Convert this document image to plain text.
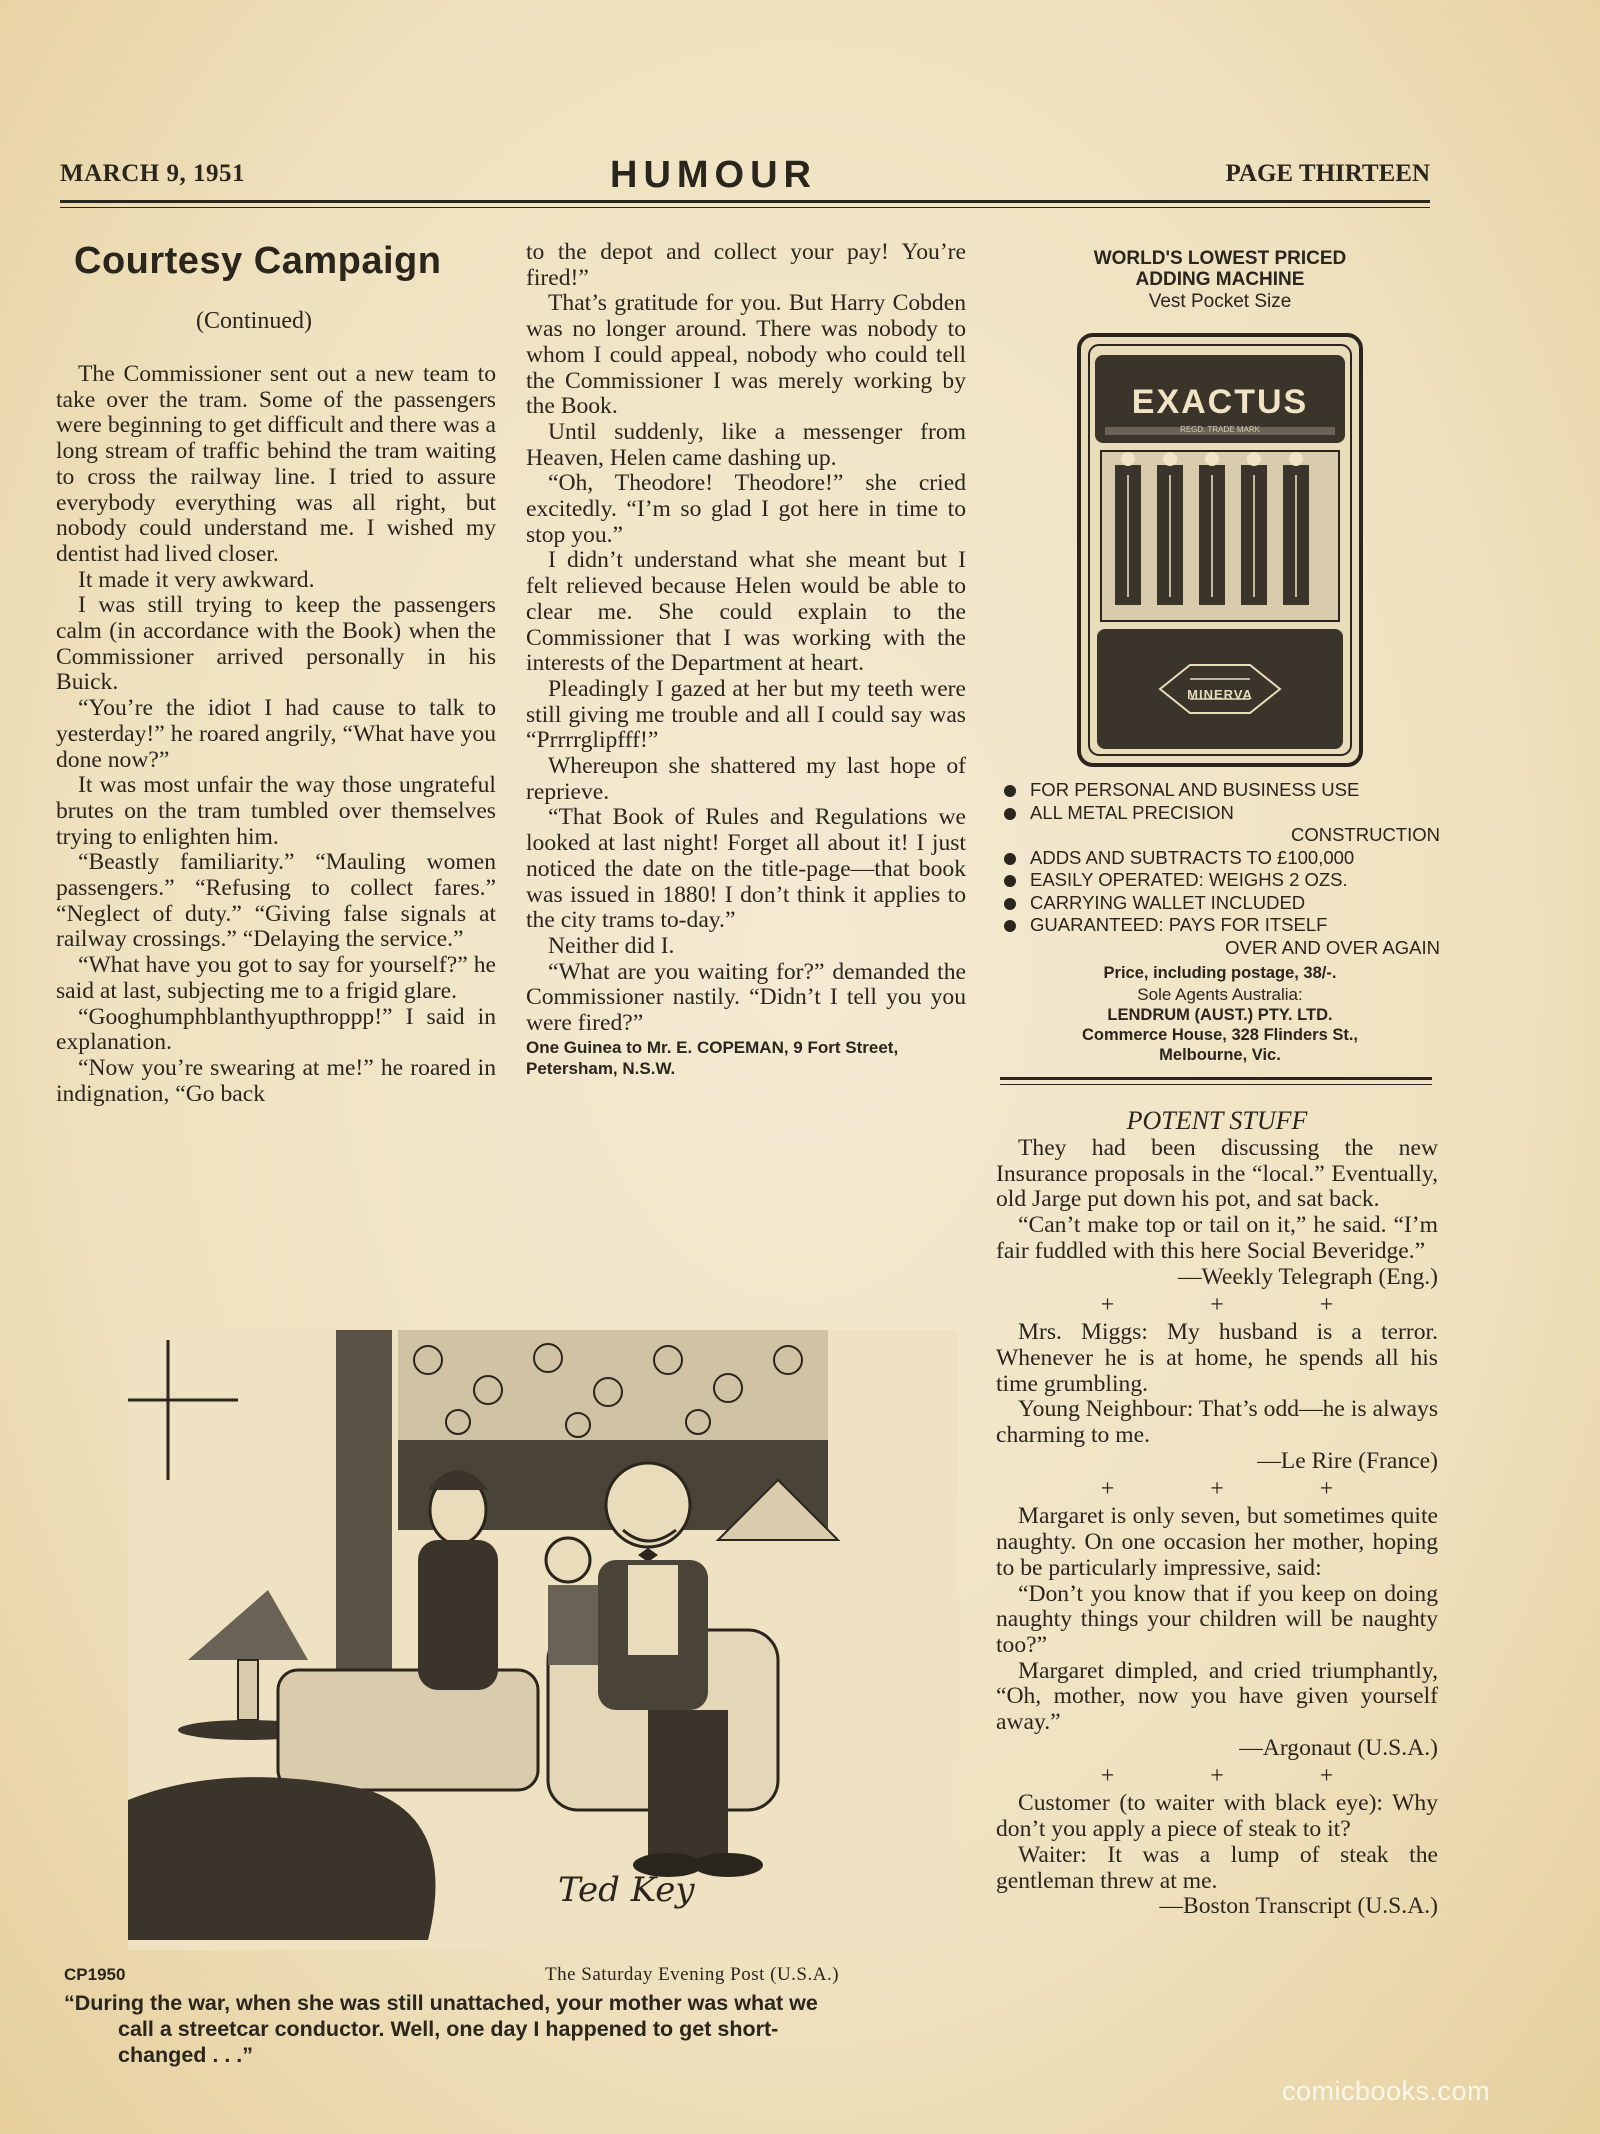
MARCH 9, 1951	HUMOUR	PAGE THIRTEEN
Courtesy Campaign
(Continued)

The Commissioner sent out a new team to take over the tram. Some of the passengers were beginning to get difficult and there was a long stream of traffic behind the tram waiting to cross the railway line. I tried to assure everybody everything was all right, but nobody could understand me. I wished my dentist had lived closer.

It made it very awkward.

I was still trying to keep the passengers calm (in accordance with the Book) when the Commissioner arrived personally in his Buick.

“You’re the idiot I had cause to talk to yesterday!” he roared angrily, “What have you done now?”

It was most unfair the way those ungrateful brutes on the tram tumbled over themselves trying to enlighten him.

“Beastly familiarity.” “Mauling women passengers.” “Refusing to collect fares.” “Neglect of duty.” “Giving false signals at railway crossings.” “Delaying the service.”

“What have you got to say for yourself?” he said at last, subjecting me to a frigid glare.

“Googhumphblanthyupthroppp!” I said in explanation.

“Now you’re swearing at me!” he roared in indignation, “Go back

to the depot and collect your pay! You’re fired!”

That’s gratitude for you. But Harry Cobden was no longer around. There was nobody to whom I could appeal, nobody who could tell the Commissioner I was merely working by the Book.

Until suddenly, like a messenger from Heaven, Helen came dashing up.

“Oh, Theodore! Theodore!” she cried excitedly. “I’m so glad I got here in time to stop you.”

I didn’t understand what she meant but I felt relieved because Helen would be able to clear me. She could explain to the Commissioner that I was working with the interests of the Department at heart.

Pleadingly I gazed at her but my teeth were still giving me trouble and all I could say was “Prrrrglipfff!”

Whereupon she shattered my last hope of reprieve.

“That Book of Rules and Regulations we looked at last night! Forget all about it! I just noticed the date on the title-page—that book was issued in 1880! I don’t think it applies to the city trams to-day.”

Neither did I.

“What are you waiting for?” demanded the Commissioner nastily. “Didn’t I tell you you were fired?”

One Guinea to Mr. E. COPEMAN, 9 Fort Street, Petersham, N.S.W.

WORLD'S LOWEST PRICED
ADDING MACHINE
Vest Pocket Size
EXACTUS
REGD. TRADE MARK
MINERVA
FOR PERSONAL AND BUSINESS USE
ALL METAL PRECISION
CONSTRUCTION
ADDS AND SUBTRACTS TO £100,000
EASILY OPERATED: WEIGHS 2 OZS.
CARRYING WALLET INCLUDED
GUARANTEED: PAYS FOR ITSELF
OVER AND OVER AGAIN
Price, including postage, 38/-.
Sole Agents Australia:
LENDRUM (AUST.) PTY. LTD.
Commerce House, 328 Flinders St.,
Melbourne, Vic.
POTENT STUFF

They had been discussing the new Insurance proposals in the “local.” Eventually, old Jarge put down his pot, and sat back.

“Can’t make top or tail on it,” he said. “I’m fair fuddled with this here Social Beveridge.”

—Weekly Telegraph (Eng.)

+++

Mrs. Miggs: My husband is a terror. Whenever he is at home, he spends all his time grumbling.

Young Neighbour: That’s odd—he is always charming to me.

—Le Rire (France)

+++

Margaret is only seven, but sometimes quite naughty. On one occasion her mother, hoping to be particularly impressive, said:

“Don’t you know that if you keep on doing naughty things your children will be naughty too?”

Margaret dimpled, and cried triumphantly, “Oh, mother, now you have given yourself away.”

—Argonaut (U.S.A.)

+++

Customer (to waiter with black eye): Why don’t you apply a piece of steak to it?

Waiter: It was a lump of steak the gentleman threw at me.

—Boston Transcript (U.S.A.)

Ted Key
CP1950	The Saturday Evening Post (U.S.A.)
“During the war, when she was still unattached, your mother was what we
call a streetcar conductor. Well, one day I happened to get short-
changed . . .”
comicbooks.com
